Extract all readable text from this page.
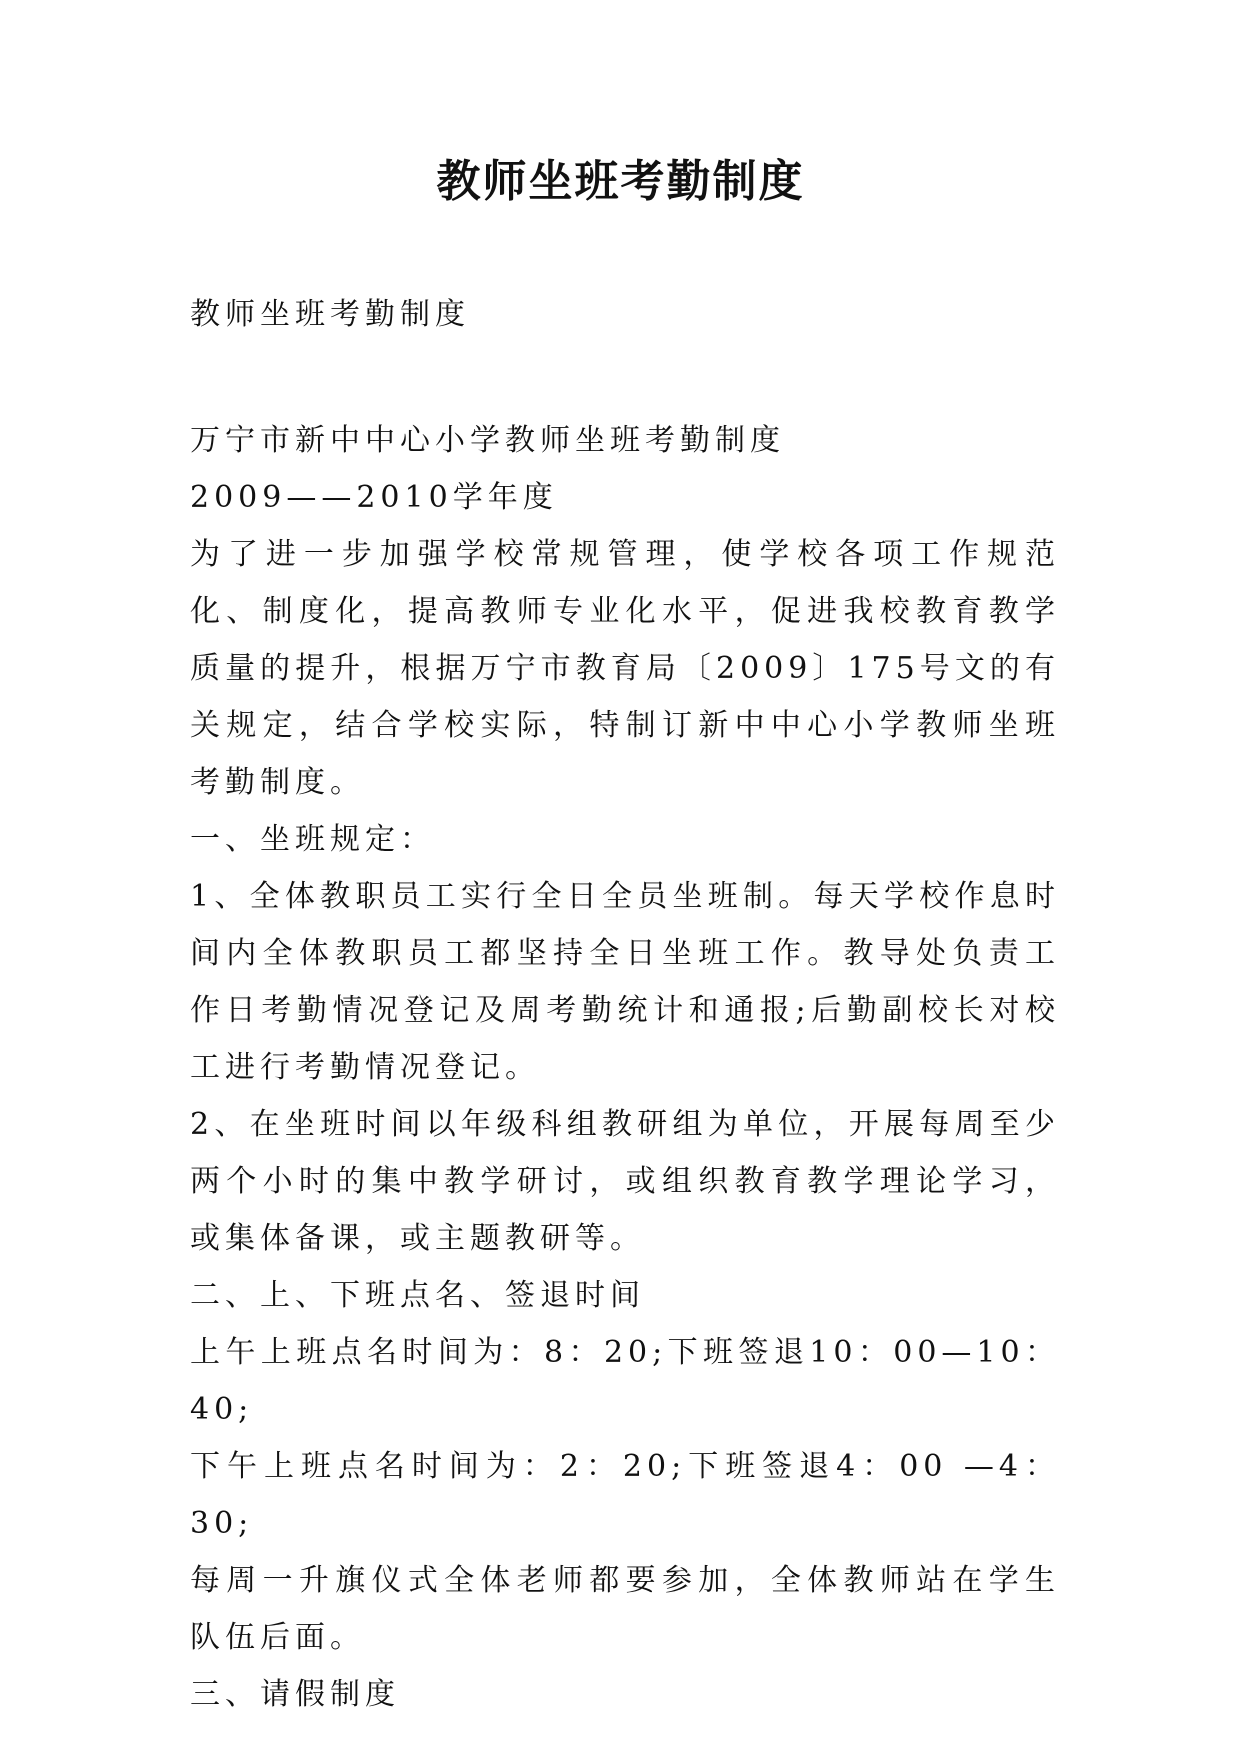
教师坐班考勤制度

教师坐班考勤制度

万宁市新中中心小学教师坐班考勤制度

2009——2010学年度

为了进一步加强学校常规管理，使学校各项工作规范化、制度化，提高教师专业化水平，促进我校教育教学质量的提升，根据万宁市教育局〔2009〕175号文的有关规定，结合学校实际，特制订新中中心小学教师坐班考勤制度。

一、坐班规定：

1、全体教职员工实行全日全员坐班制。每天学校作息时间内全体教职员工都坚持全日坐班工作。教导处负责工作日考勤情况登记及周考勤统计和通报;后勤副校长对校工进行考勤情况登记。

2、在坐班时间以年级科组教研组为单位，开展每周至少两个小时的集中教学研讨，或组织教育教学理论学习，或集体备课，或主题教研等。

二、上、下班点名、签退时间

上午上班点名时间为：8：20;下班签退10：00—10：40;

下午上班点名时间为：2：20;下班签退4：00 —4：30;

每周一升旗仪式全体老师都要参加，全体教师站在学生队伍后面。

三、请假制度
